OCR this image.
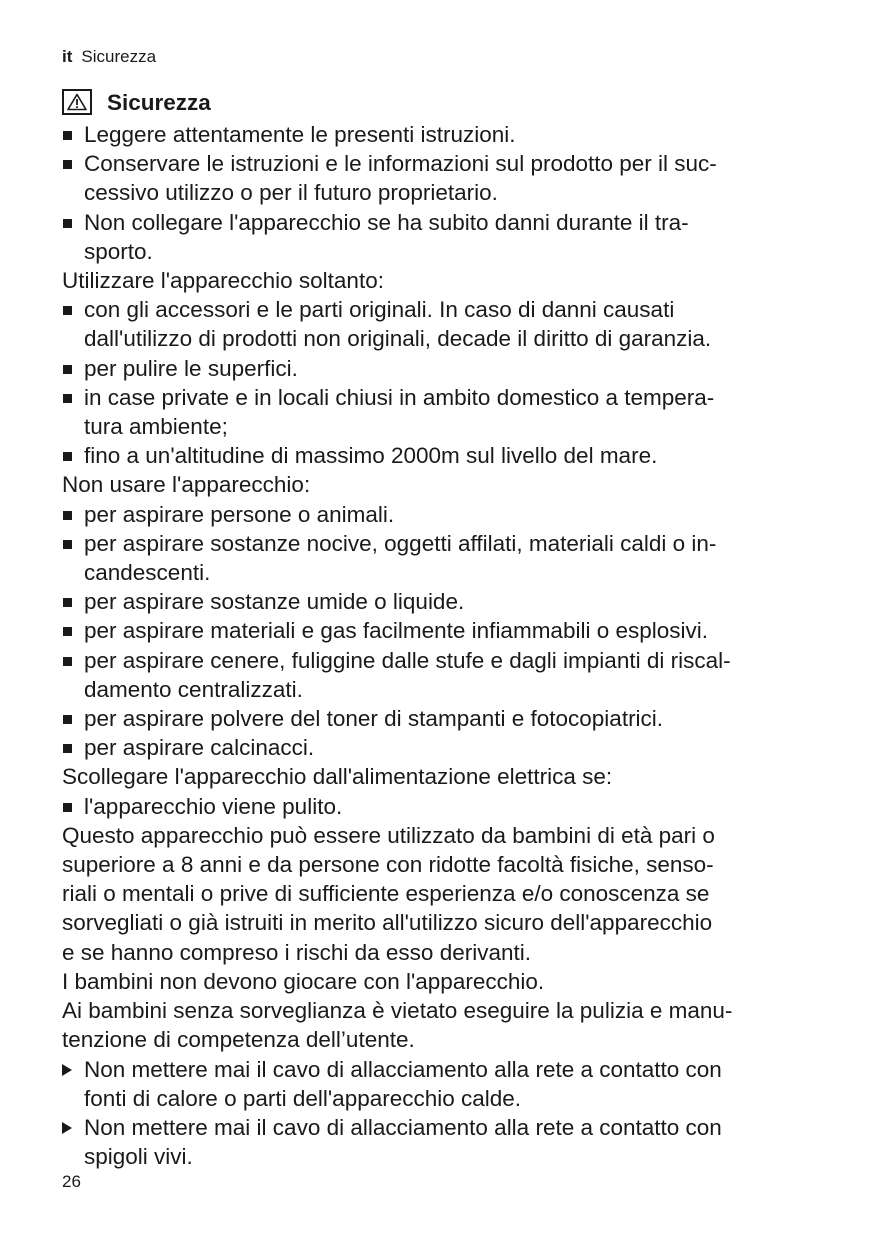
it Sicurezza
Sicurezza
Leggere attentamente le presenti istruzioni.
Conservare le istruzioni e le informazioni sul prodotto per il suc-
cessivo utilizzo o per il futuro proprietario.
Non collegare l'apparecchio se ha subito danni durante il tra-
sporto.

Utilizzare l'apparecchio soltanto:

con gli accessori e le parti originali. In caso di danni causati
dall'utilizzo di prodotti non originali, decade il diritto di garanzia.
per pulire le superfici.
in case private e in locali chiusi in ambito domestico a tempera-
tura ambiente;
fino a un'altitudine di massimo 2000m sul livello del mare.

Non usare l'apparecchio:

per aspirare persone o animali.
per aspirare sostanze nocive, oggetti affilati, materiali caldi o in-
candescenti.
per aspirare sostanze umide o liquide.
per aspirare materiali e gas facilmente infiammabili o esplosivi.
per aspirare cenere, fuliggine dalle stufe e dagli impianti di riscal-
damento centralizzati.
per aspirare polvere del toner di stampanti e fotocopiatrici.
per aspirare calcinacci.

Scollegare l'apparecchio dall'alimentazione elettrica se:

l'apparecchio viene pulito.

Questo apparecchio può essere utilizzato da bambini di età pari o
superiore a 8 anni e da persone con ridotte facoltà fisiche, senso-
riali o mentali o prive di sufficiente esperienza e/o conoscenza se
sorvegliati o già istruiti in merito all'utilizzo sicuro dell'apparecchio
e se hanno compreso i rischi da esso derivanti.

I bambini non devono giocare con l'apparecchio.

Ai bambini senza sorveglianza è vietato eseguire la pulizia e manu-
tenzione di competenza dell’utente.

Non mettere mai il cavo di allacciamento alla rete a contatto con
fonti di calore o parti dell'apparecchio calde.
Non mettere mai il cavo di allacciamento alla rete a contatto con
spigoli vivi.
26
